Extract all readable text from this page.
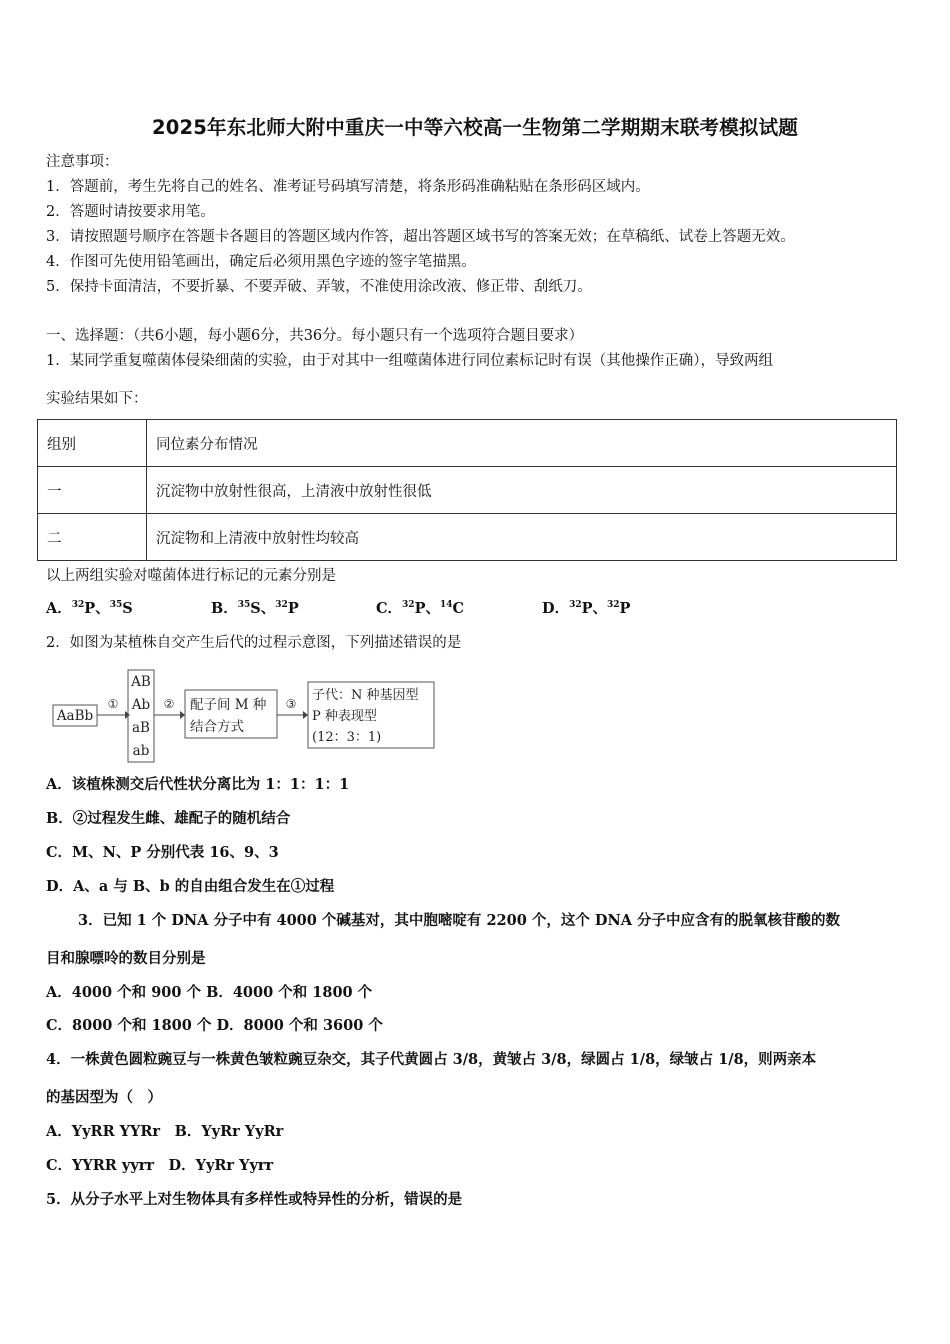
2025年东北师大附中重庆一中等六校高一生物第二学期期末联考模拟试题
注意事项：
1．答题前，考生先将自己的姓名、准考证号码填写清楚，将条形码准确粘贴在条形码区域内。
2．答题时请按要求用笔。
3．请按照题号顺序在答题卡各题目的答题区域内作答，超出答题区域书写的答案无效；在草稿纸、试卷上答题无效。
4．作图可先使用铅笔画出，确定后必须用黑色字迹的签字笔描黑。
5．保持卡面清洁，不要折暴、不要弄破、弄皱，不准使用涂改液、修正带、刮纸刀。
一、选择题：（共6小题，每小题6分，共36分。每小题只有一个选项符合题目要求）
1．某同学重复噬菌体侵染细菌的实验，由于对其中一组噬菌体进行同位素标记时有误（其他操作正确），导致两组
实验结果如下：
组别	同位素分布情况
一	沉淀物中放射性很高，上清液中放射性很低
二	沉淀物和上清液中放射性均较高
以上两组实验对噬菌体进行标记的元素分别是
A．$^{32}$P、$^{35}$S	B．$^{35}$S、$^{32}$P	C．$^{32}$P、$^{14}$C	D．$^{32}$P、$^{32}$P
2．如图为某植株自交产生后代的过程示意图，下列描述错误的是
AaBb
①
AB
Ab
aB
ab
② 配子间 M 种
结合方式
③
子代：N 种基因型
P 种表现型
(12：3：1)
A．该植株测交后代性状分离比为 1：1：1：1
B．②过程发生雌、雄配子的随机结合
C．M、N、P 分别代表 16、9、3
D．A、a 与 B、b 的自由组合发生在①过程
3．已知 1 个 DNA 分子中有 4000 个碱基对，其中胞嘧啶有 2200 个，这个 DNA 分子中应含有的脱氧核苷酸的数
目和腺嘌呤的数目分别是
A．4000 个和 900 个 B．4000 个和 1800 个
C．8000 个和 1800 个 D．8000 个和 3600 个
4．一株黄色圆粒豌豆与一株黄色皱粒豌豆杂交，其子代黄圆占 3/8，黄皱占 3/8，绿圆占 1/8，绿皱占 1/8，则两亲本
的基因型为（　）
A．YyRR YYRr　B．YyRr YyRr
C．YYRR yyrr　D．YyRr Yyrr
5．从分子水平上对生物体具有多样性或特异性的分析，错误的是
